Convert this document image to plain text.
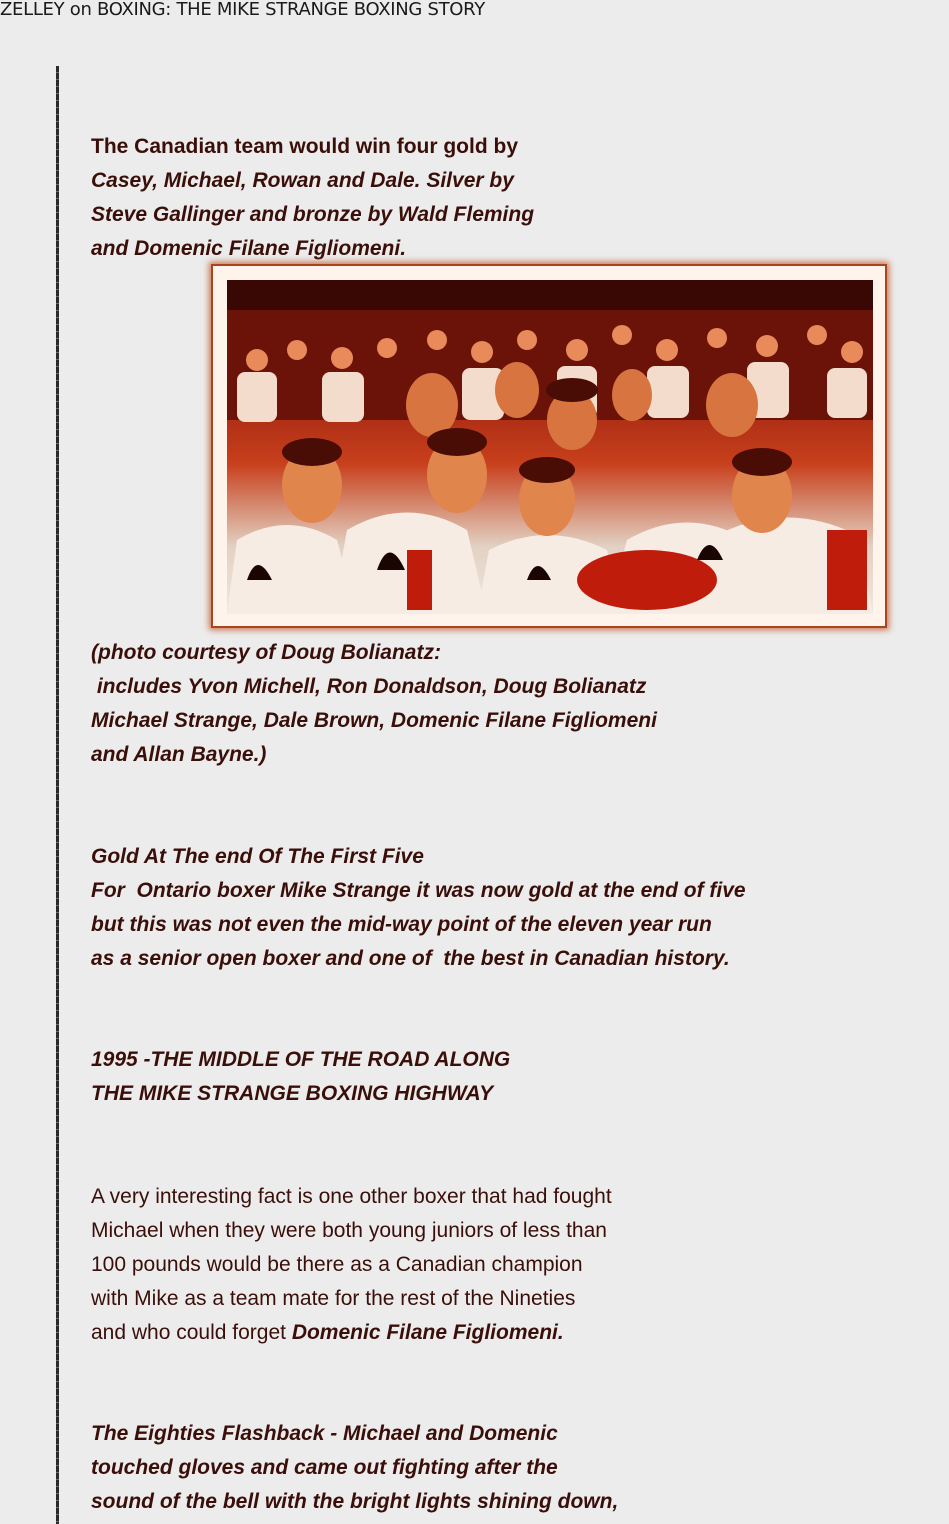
ZELLEY on BOXING: THE MIKE STRANGE BOXING STORY

The Canadian team would win four gold by
Casey, Michael, Rowan and Dale. Silver by
Steve Gallinger and bronze by Wald Fleming
and Domenic Filane Figliomeni.

(photo courtesy of Doug Bolianatz:
includes Yvon Michell, Ron Donaldson, Doug Bolianatz
Michael Strange, Dale Brown, Domenic Filane Figliomeni
and Allan Bayne.)

Gold At The end Of The First Five
For  Ontario boxer Mike Strange it was now gold at the end of five
but this was not even the mid-way point of the eleven year run
as a senior open boxer and one of  the best in Canadian history.

1995 -THE MIDDLE OF THE ROAD ALONG
THE MIKE STRANGE BOXING HIGHWAY

A very interesting fact is one other boxer that had fought
Michael when they were both young juniors of less than
100 pounds would be there as a Canadian champion
with Mike as a team mate for the rest of the Nineties
and who could forget Domenic Filane Figliomeni.

The Eighties Flashback - Michael and Domenic
touched gloves and came out fighting after the
sound of the bell with the bright lights shining down,
